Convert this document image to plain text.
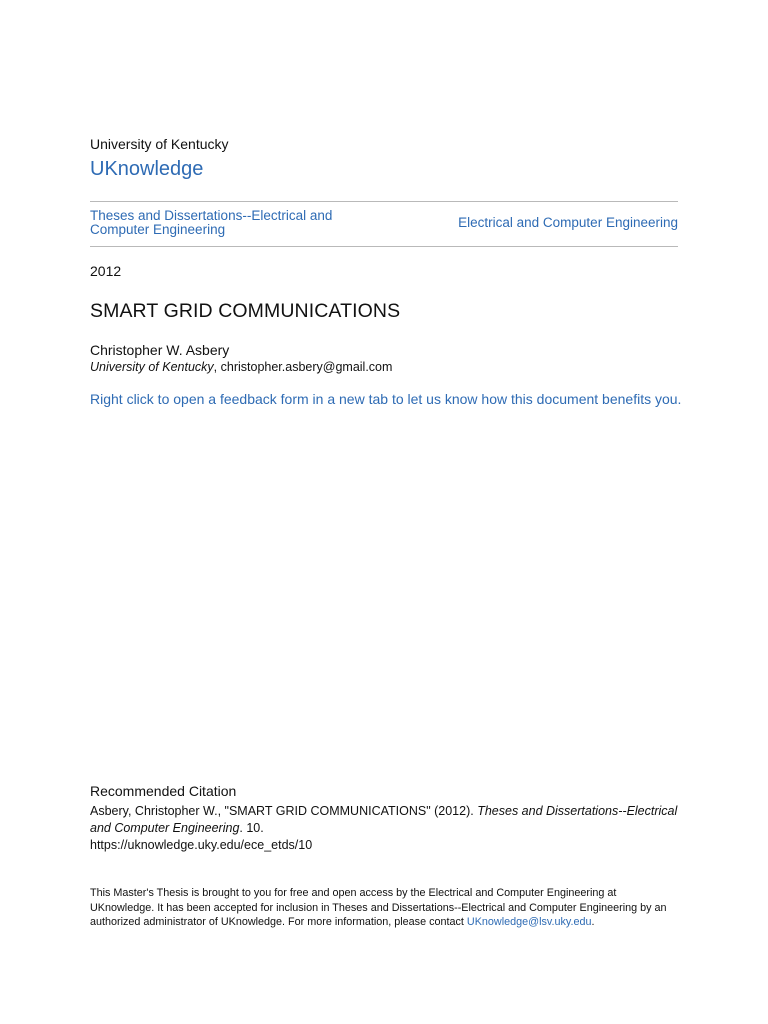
University of Kentucky
UKnowledge
Theses and Dissertations--Electrical and Computer Engineering	Electrical and Computer Engineering
2012
SMART GRID COMMUNICATIONS
Christopher W. Asbery
University of Kentucky, christopher.asbery@gmail.com
Right click to open a feedback form in a new tab to let us know how this document benefits you.
Recommended Citation
Asbery, Christopher W., "SMART GRID COMMUNICATIONS" (2012). Theses and Dissertations--Electrical and Computer Engineering. 10.
https://uknowledge.uky.edu/ece_etds/10
This Master's Thesis is brought to you for free and open access by the Electrical and Computer Engineering at UKnowledge. It has been accepted for inclusion in Theses and Dissertations--Electrical and Computer Engineering by an authorized administrator of UKnowledge. For more information, please contact UKnowledge@lsv.uky.edu.
